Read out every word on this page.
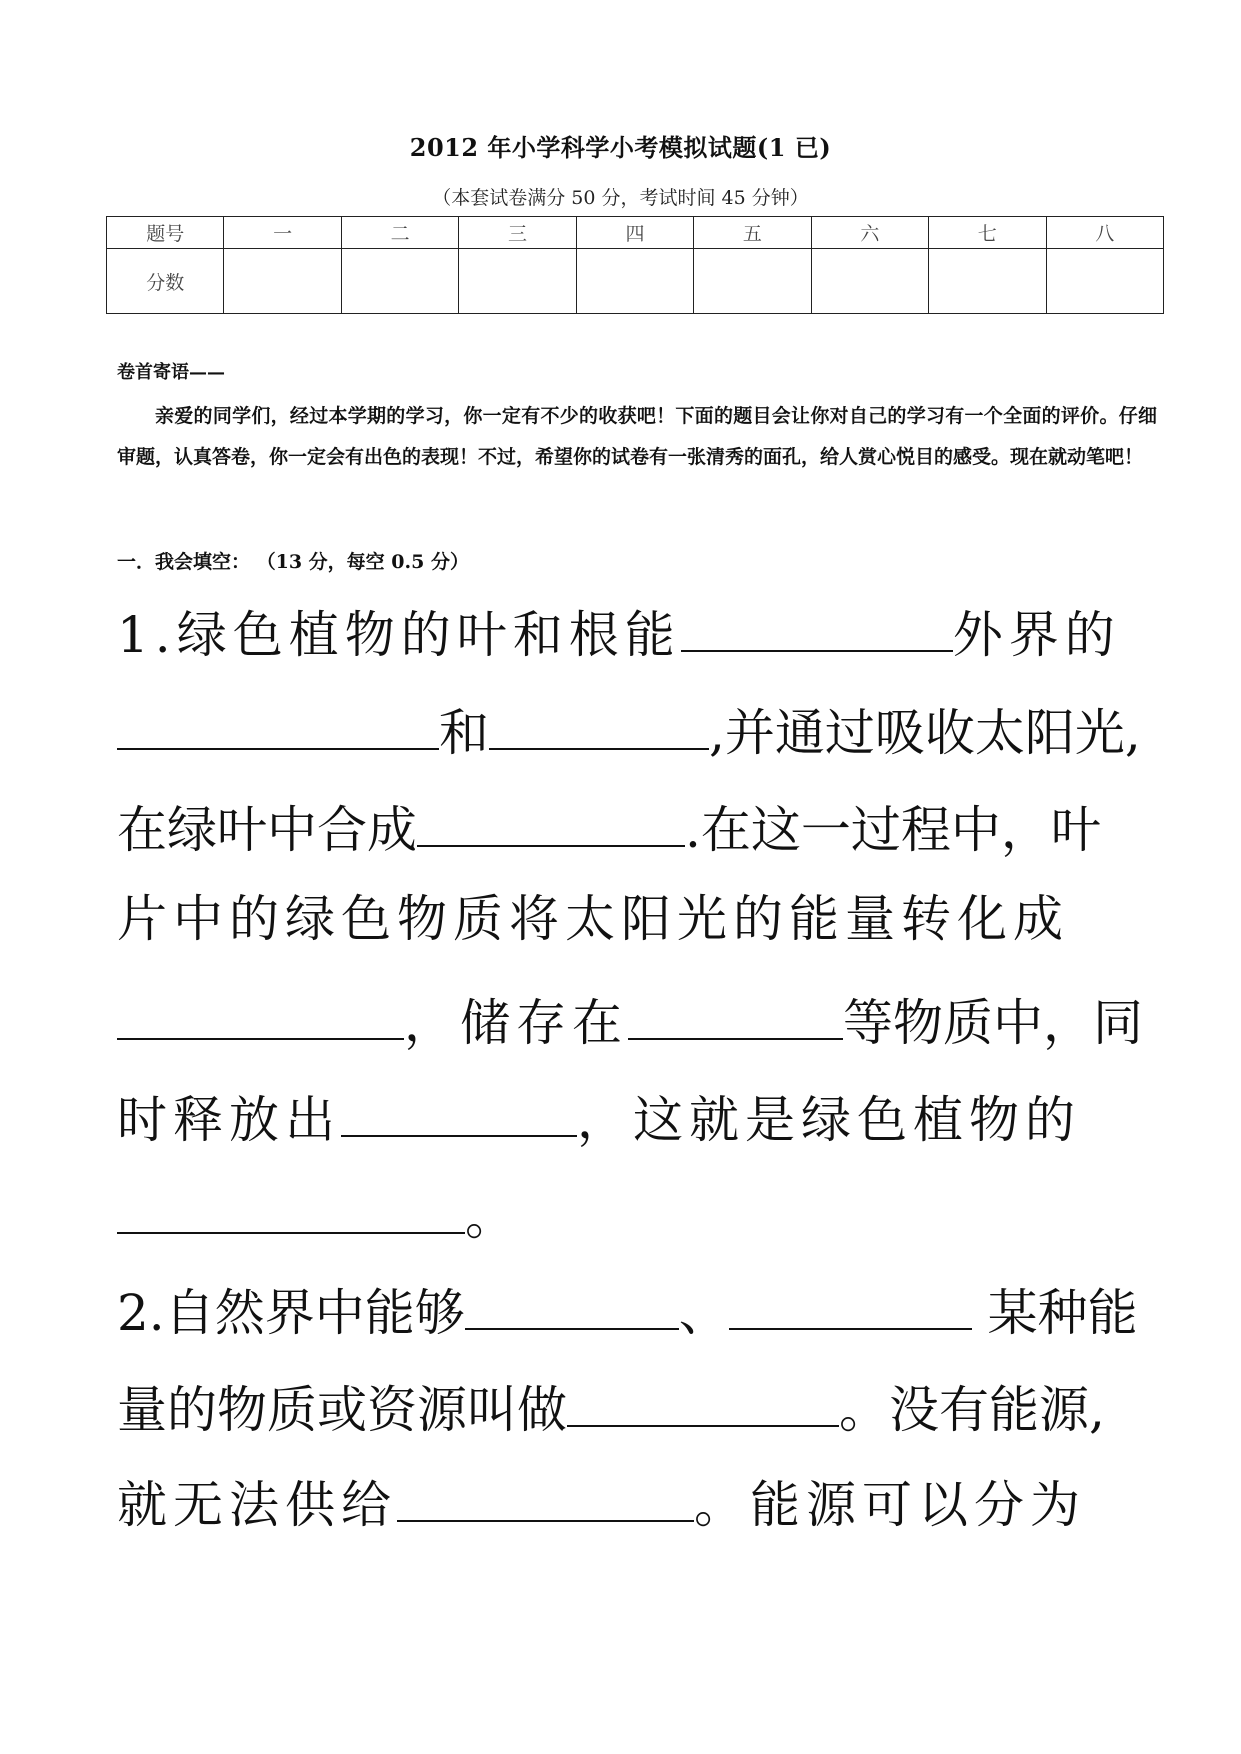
2012 年小学科学小考模拟试题(1 已)
（本套试卷满分 50 分，考试时间 45 分钟）
题号	一	二	三	四	五	六	七	八
分数								
卷首寄语——

亲爱的同学们，经过本学期的学习，你一定有不少的收获吧！下面的题目会让你对自己的学习有一个全面的评价。仔细审题，认真答卷，你一定会有出色的表现！不过，希望你的试卷有一张清秀的面孔，给人赏心悦目的感受。现在就动笔吧！

一．我会填空： （13 分，每空 0.5 分）
1.绿色植物的叶和根能	外界的
和	,并通过吸收太阳光,
在绿叶中合成	.在这一过程中，叶
片中的绿色物质将太阳光的能量转化成
，储存在	等物质中，同
时释放出	，这就是绿色植物的
。
2.自然界中能够	、	某种能
量的物质或资源叫做	。没有能源,
就无法供给	。能源可以分为
